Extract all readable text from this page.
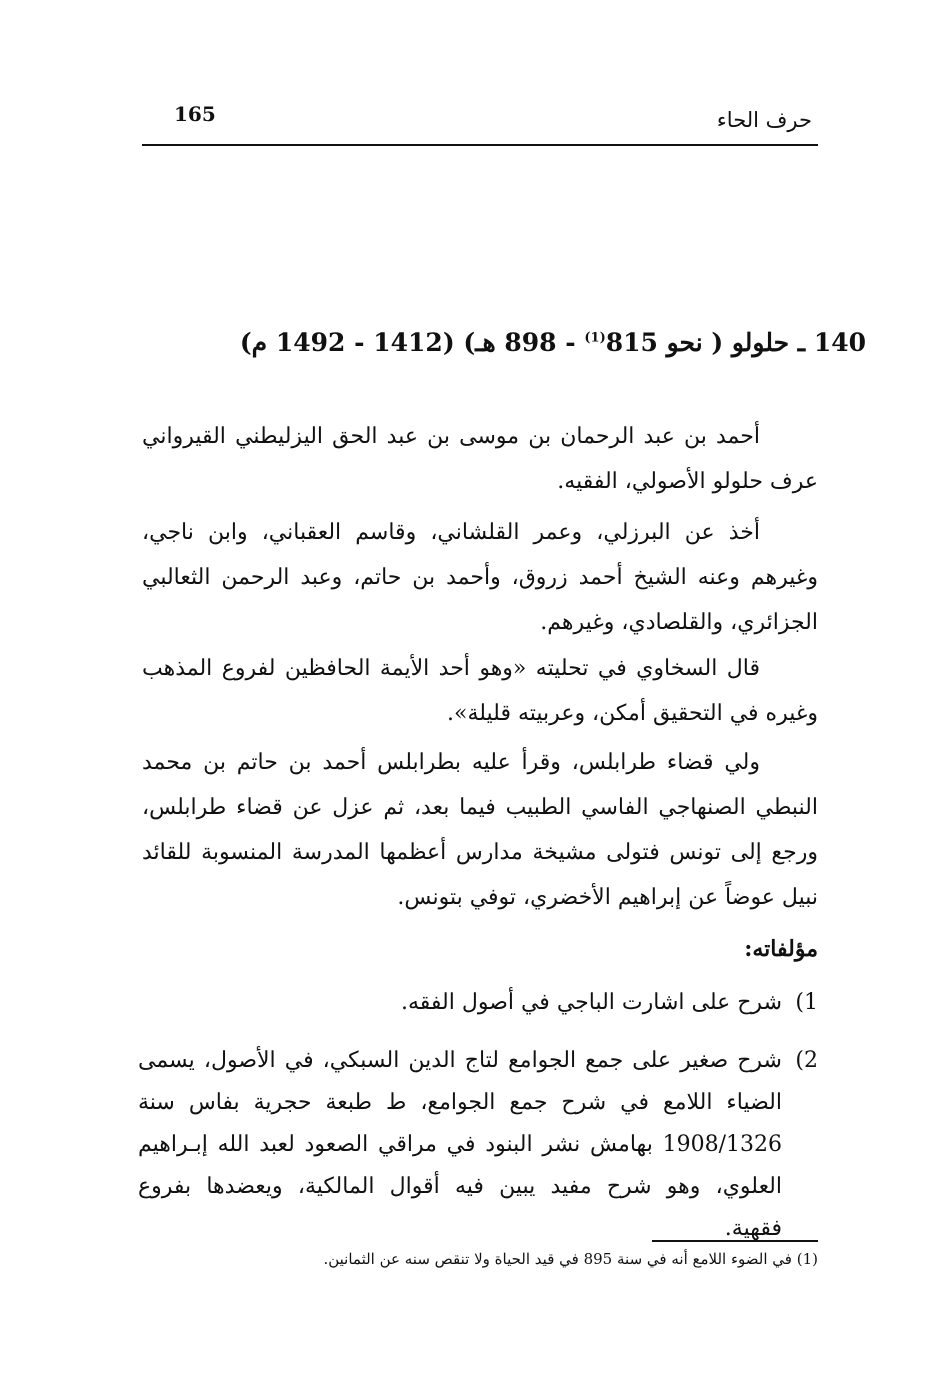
165	حرف الحاء
140 ـ حلولو ( نحو 815$^{(1)}$ - 898 هـ) (1412 - 1492 م)
أحمد بن عبد الرحمان بن موسى بن عبد الحق اليزليطني القيرواني
عرف حلولو الأصولي، الفقيه.
أخذ عن البرزلي، وعمر القلشاني، وقاسم العقباني، وابن ناجي،
وغيرهم وعنه الشيخ أحمد زروق، وأحمد بن حاتم، وعبد الرحمن الثعالبي
الجزائري، والقلصادي، وغيرهم.
قال السخاوي في تحليته «وهو أحد الأيمة الحافظين لفروع المذهب
وغيره في التحقيق أمكن، وعربيته قليلة».
ولي قضاء طرابلس، وقرأ عليه بطرابلس أحمد بن حاتم بن محمد
النبطي الصنهاجي الفاسي الطبيب فيما بعد، ثم عزل عن قضاء طرابلس،
ورجع إلى تونس فتولى مشيخة مدارس أعظمها المدرسة المنسوبة للقائد
نبيل عوضاً عن إبراهيم الأخضري، توفي بتونس.
مؤلفاته:
1)شرح على اشارت الباجي في أصول الفقه.
2)شرح صغير على جمع الجوامع لتاج الدين السبكي، في الأصول، يسمى
الضياء اللامع في شرح جمع الجوامع، ط طبعة حجرية بفاس سنة
1908/1326 بهامش نشر البنود في مراقي الصعود لعبد الله إبـراهيم
العلوي، وهو شرح مفيد يبين فيه أقوال المالكية، ويعضدها بفروع
فقهية.
(1) في الضوء اللامع أنه في سنة 895 في قيد الحياة ولا تنقص سنه عن الثمانين.
